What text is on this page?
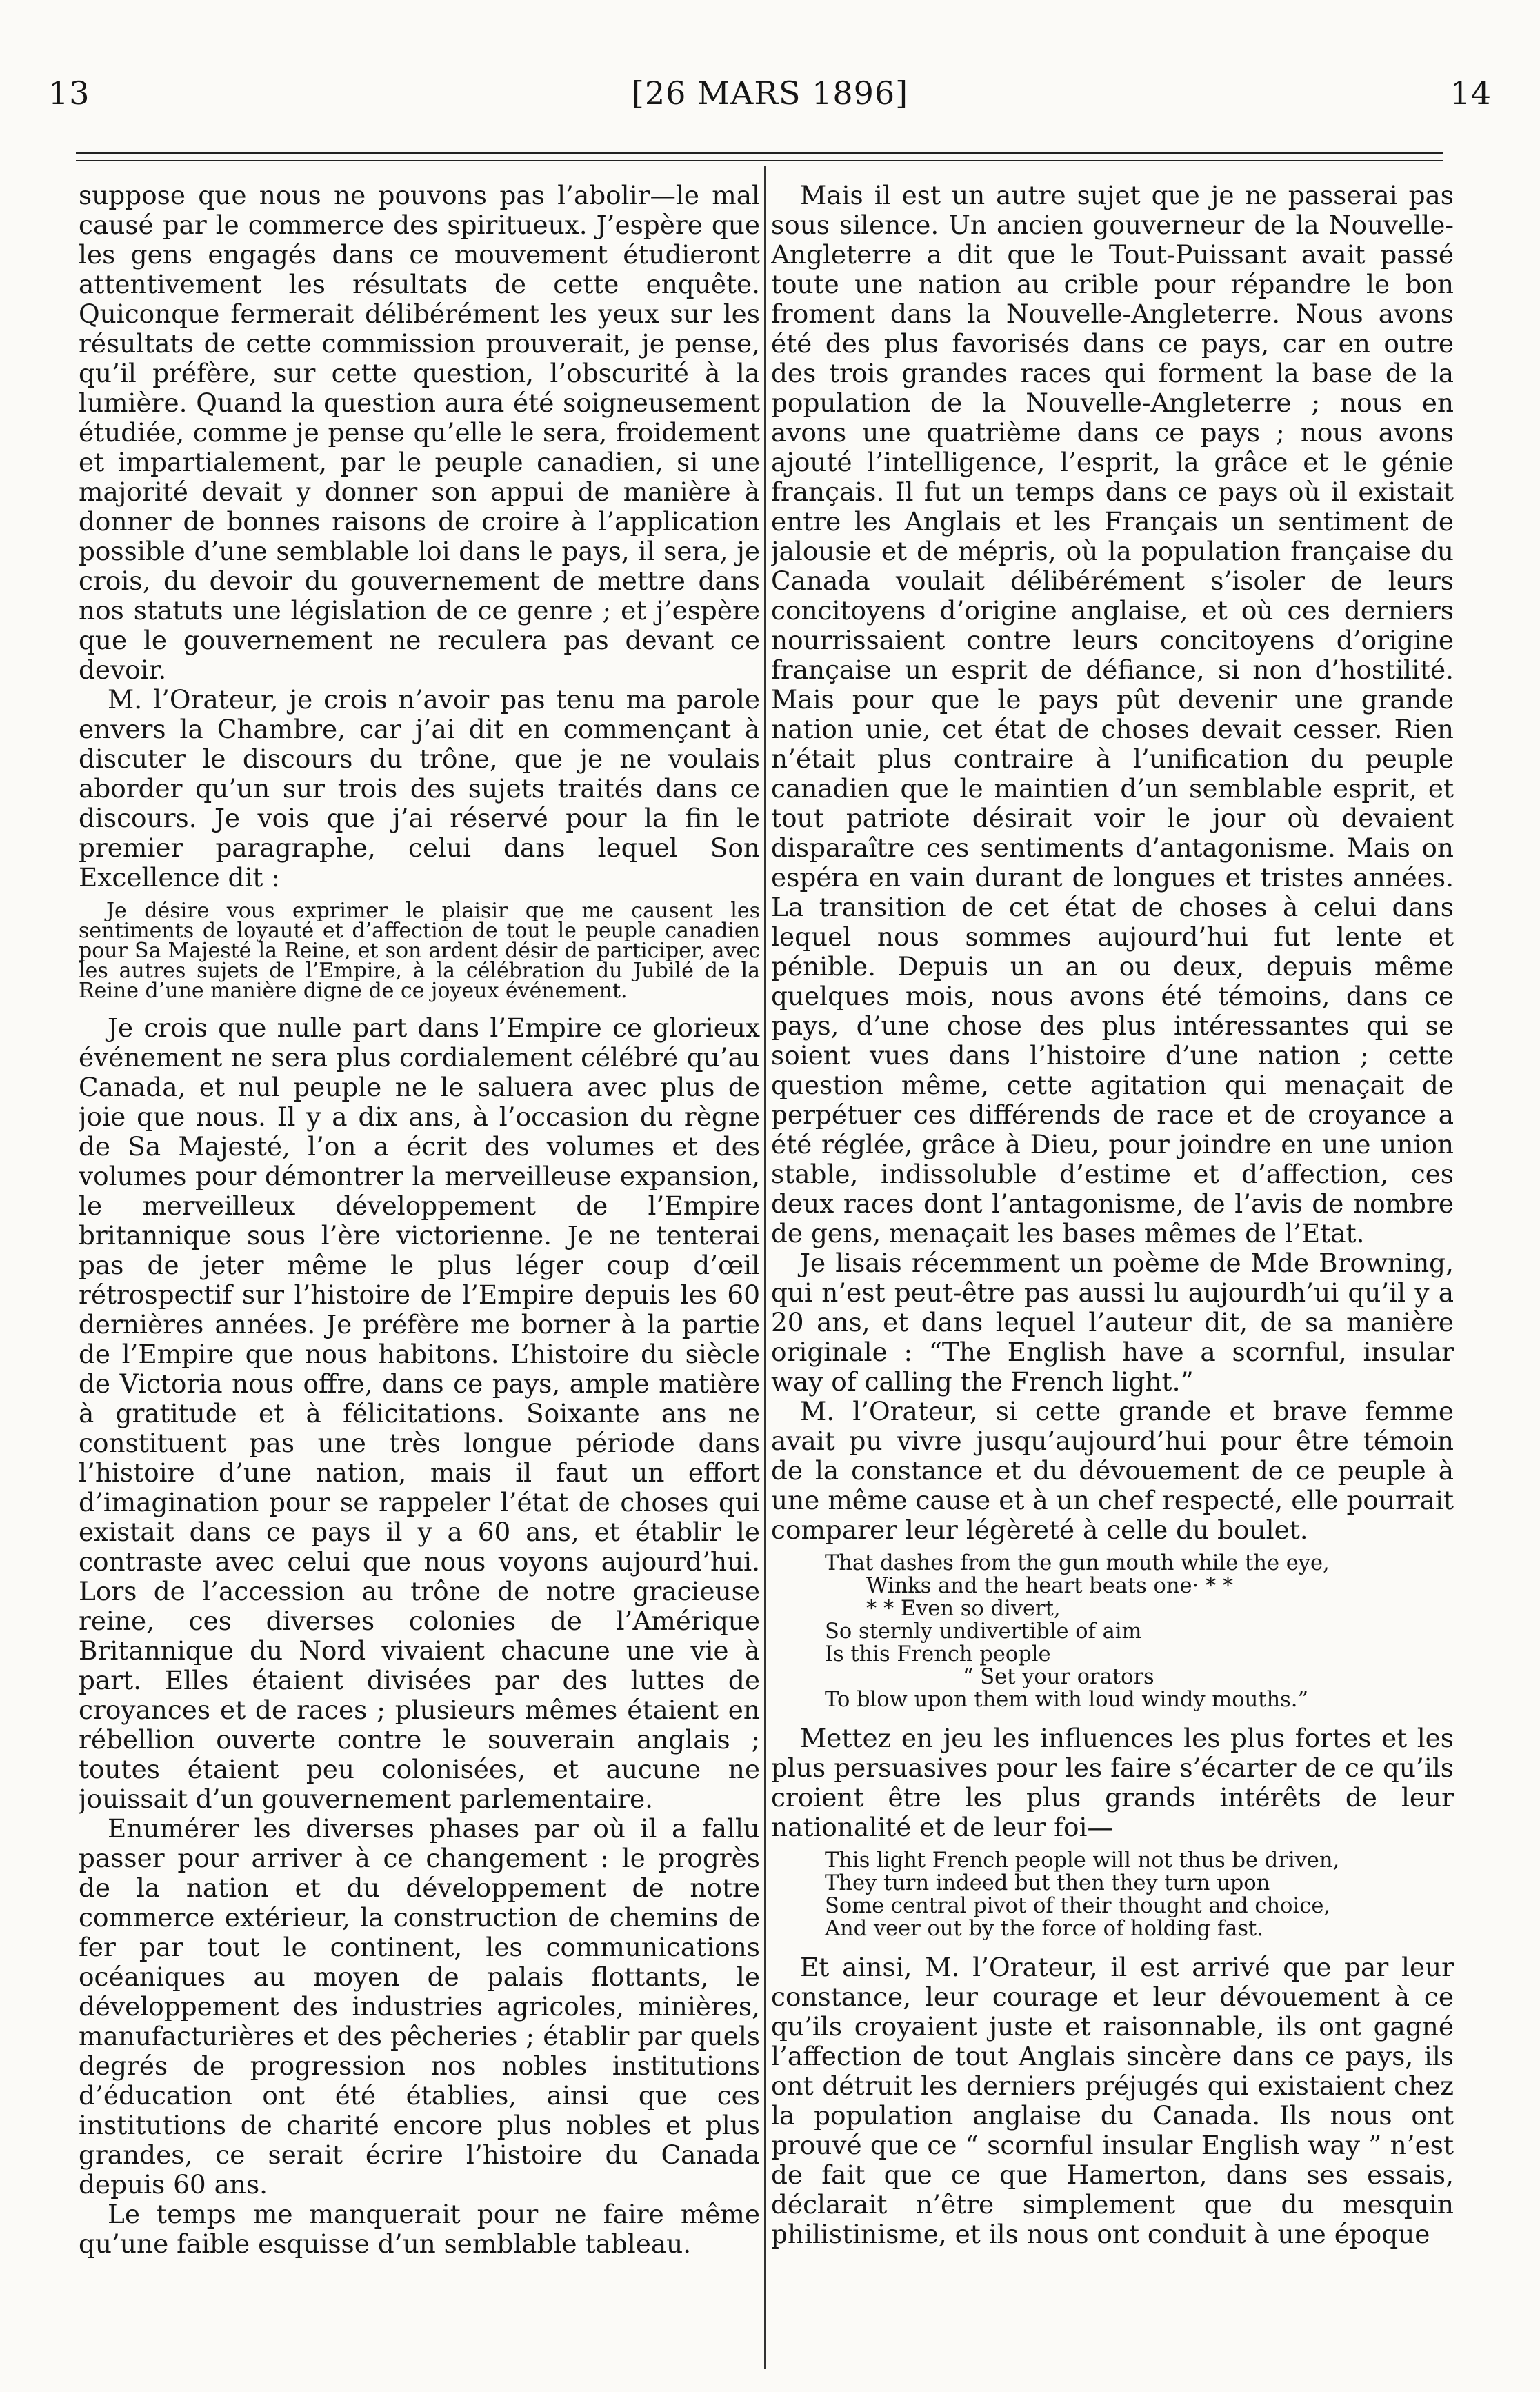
13	[26 MARS 1896]	14

suppose que nous ne pouvons pas l’abolir—le mal causé par le commerce des spiritueux. J’espère que les gens engagés dans ce mouvement étudieront attentivement les résultats de cette enquête. Quiconque fermerait délibérément les yeux sur les résultats de cette commission prouverait, je pense, qu’il préfère, sur cette question, l’obscurité à la lumière. Quand la question aura été soigneusement étudiée, comme je pense qu’elle le sera, froidement et impartialement, par le peuple canadien, si une majorité devait y donner son appui de manière à donner de bonnes raisons de croire à l’application possible d’une semblable loi dans le pays, il sera, je crois, du devoir du gouvernement de mettre dans nos statuts une législation de ce genre ; et j’espère que le gouvernement ne reculera pas devant ce devoir.

M. l’Orateur, je crois n’avoir pas tenu ma parole envers la Chambre, car j’ai dit en commençant à discuter le discours du trône, que je ne voulais aborder qu’un sur trois des sujets traités dans ce discours. Je vois que j’ai réservé pour la fin le premier paragraphe, celui dans lequel Son Excellence dit :

Je désire vous exprimer le plaisir que me causent les sentiments de loyauté et d’affection de tout le peuple canadien pour Sa Majesté la Reine, et son ardent désir de participer, avec les autres sujets de l’Empire, à la célébration du Jubilé de la Reine d’une manière digne de ce joyeux événement.

Je crois que nulle part dans l’Empire ce glorieux événement ne sera plus cordialement célébré qu’au Canada, et nul peuple ne le saluera avec plus de joie que nous. Il y a dix ans, à l’occasion du règne de Sa Majesté, l’on a écrit des volumes et des volumes pour démontrer la merveilleuse expansion, le merveilleux développement de l’Empire britannique sous l’ère victorienne. Je ne tenterai pas de jeter même le plus léger coup d’œil rétrospectif sur l’histoire de l’Empire depuis les 60 dernières années. Je préfère me borner à la partie de l’Empire que nous habitons. L’histoire du siècle de Victoria nous offre, dans ce pays, ample matière à gratitude et à félicitations. Soixante ans ne constituent pas une très longue période dans l’histoire d’une nation, mais il faut un effort d’imagination pour se rappeler l’état de choses qui existait dans ce pays il y a 60 ans, et établir le contraste avec celui que nous voyons aujourd’hui. Lors de l’accession au trône de notre gracieuse reine, ces diverses colonies de l’Amérique Britannique du Nord vivaient chacune une vie à part. Elles étaient divisées par des luttes de croyances et de races ; plusieurs mêmes étaient en rébellion ouverte contre le souverain anglais ; toutes étaient peu colonisées, et aucune ne jouissait d’un gouvernement parlementaire.

Enumérer les diverses phases par où il a fallu passer pour arriver à ce changement : le progrès de la nation et du développement de notre commerce extérieur, la construction de chemins de fer par tout le continent, les communications océaniques au moyen de palais flottants, le développement des industries agricoles, minières, manufacturières et des pêcheries ; établir par quels degrés de progression nos nobles institutions d’éducation ont été établies, ainsi que ces institutions de charité encore plus nobles et plus grandes, ce serait écrire l’histoire du Canada depuis 60 ans.

Le temps me manquerait pour ne faire même qu’une faible esquisse d’un semblable tableau.

Mais il est un autre sujet que je ne passerai pas sous silence. Un ancien gouverneur de la Nouvelle-Angleterre a dit que le Tout-Puissant avait passé toute une nation au crible pour répandre le bon froment dans la Nouvelle-Angleterre. Nous avons été des plus favorisés dans ce pays, car en outre des trois grandes races qui forment la base de la population de la Nouvelle-Angleterre ; nous en avons une quatrième dans ce pays ; nous avons ajouté l’intelligence, l’esprit, la grâce et le génie français. Il fut un temps dans ce pays où il existait entre les Anglais et les Français un sentiment de jalousie et de mépris, où la population française du Canada voulait délibérément s’isoler de leurs concitoyens d’origine anglaise, et où ces derniers nourrissaient contre leurs concitoyens d’origine française un esprit de défiance, si non d’hostilité. Mais pour que le pays pût devenir une grande nation unie, cet état de choses devait cesser. Rien n’était plus contraire à l’unification du peuple canadien que le maintien d’un semblable esprit, et tout patriote désirait voir le jour où devaient disparaître ces sentiments d’antagonisme. Mais on espéra en vain durant de longues et tristes années. La transition de cet état de choses à celui dans lequel nous sommes aujourd’hui fut lente et pénible. Depuis un an ou deux, depuis même quelques mois, nous avons été témoins, dans ce pays, d’une chose des plus intéressantes qui se soient vues dans l’histoire d’une nation ; cette question même, cette agitation qui menaçait de perpétuer ces différends de race et de croyance a été réglée, grâce à Dieu, pour joindre en une union stable, indissoluble d’estime et d’affection, ces deux races dont l’antagonisme, de l’avis de nombre de gens, menaçait les bases mêmes de l’Etat.

Je lisais récemment un poème de Mde Browning, qui n’est peut-être pas aussi lu aujourdh’ui qu’il y a 20 ans, et dans lequel l’auteur dit, de sa manière originale : “The English have a scornful, insular way of calling the French light.”

M. l’Orateur, si cette grande et brave femme avait pu vivre jusqu’aujourd’hui pour être témoin de la constance et du dévouement de ce peuple à une même cause et à un chef respecté, elle pourrait comparer leur légèreté à celle du boulet.

That dashes from the gun mouth while the eye,
Winks and the heart beats one· * *
* * Even so divert,
So sternly undivertible of aim
Is this French people
“ Set your orators
To blow upon them with loud windy mouths.”

Mettez en jeu les influences les plus fortes et les plus persuasives pour les faire s’écarter de ce qu’ils croient être les plus grands intérêts de leur nationalité et de leur foi—

This light French people will not thus be driven,
They turn indeed but then they turn upon
Some central pivot of their thought and choice,
And veer out by the force of holding fast.

Et ainsi, M. l’Orateur, il est arrivé que par leur constance, leur courage et leur dévouement à ce qu’ils croyaient juste et raisonnable, ils ont gagné l’affection de tout Anglais sincère dans ce pays, ils ont détruit les derniers préjugés qui existaient chez la population anglaise du Canada. Ils nous ont prouvé que ce “ scornful insular English way ” n’est de fait que ce que Hamerton, dans ses essais, déclarait n’être simplement que du mesquin philistinisme, et ils nous ont conduit à une époque
